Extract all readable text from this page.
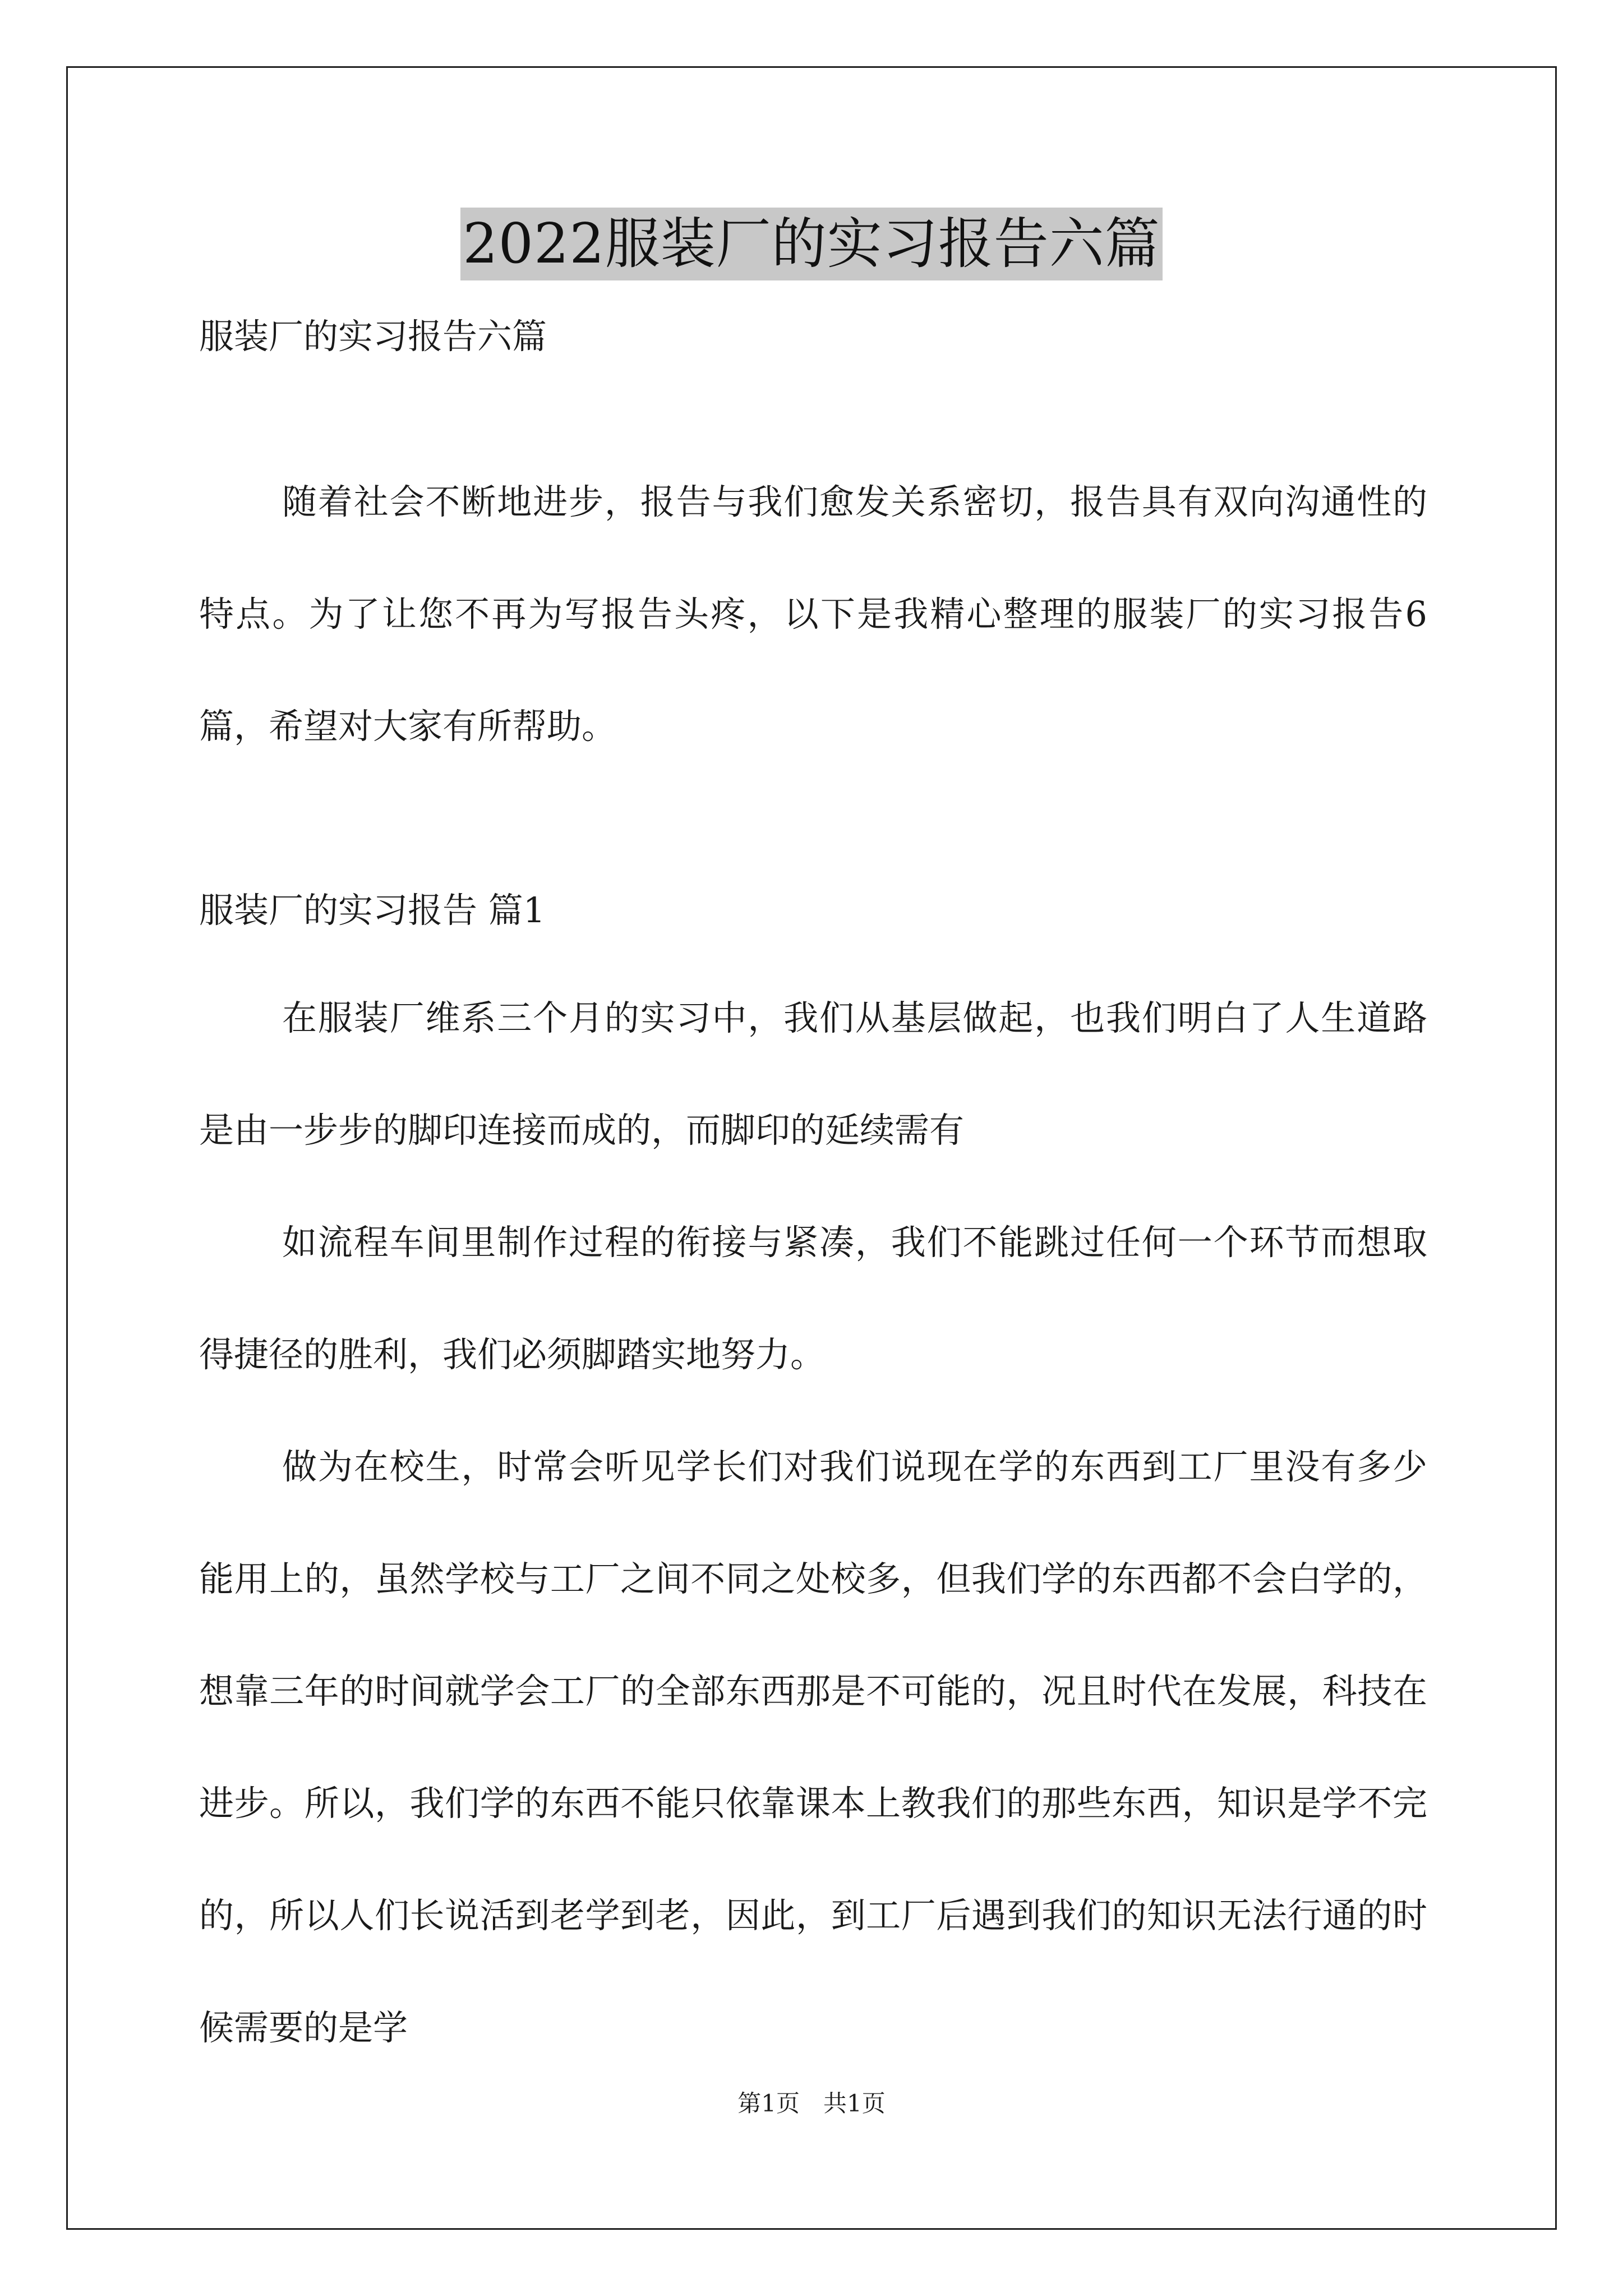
2022服装厂的实习报告六篇
服装厂的实习报告六篇
随着社会不断地进步，报告与我们愈发关系密切，报告具有双向沟通性的特点。为了让您不再为写报告头疼，以下是我精心整理的服装厂的实习报告6篇，希望对大家有所帮助。
服装厂的实习报告 篇1
在服装厂维系三个月的实习中，我们从基层做起，也我们明白了人生道路是由一步步的脚印连接而成的，而脚印的延续需有
如流程车间里制作过程的衔接与紧凑，我们不能跳过任何一个环节而想取得捷径的胜利，我们必须脚踏实地努力。
做为在校生，时常会听见学长们对我们说现在学的东西到工厂里没有多少能用上的，虽然学校与工厂之间不同之处校多，但我们学的东西都不会白学的，想靠三年的时间就学会工厂的全部东西那是不可能的，况且时代在发展，科技在进步。所以，我们学的东西不能只依靠课本上教我们的那些东西，知识是学不完的，所以人们长说活到老学到老，因此，到工厂后遇到我们的知识无法行通的时候需要的是学
第1页　共1页
